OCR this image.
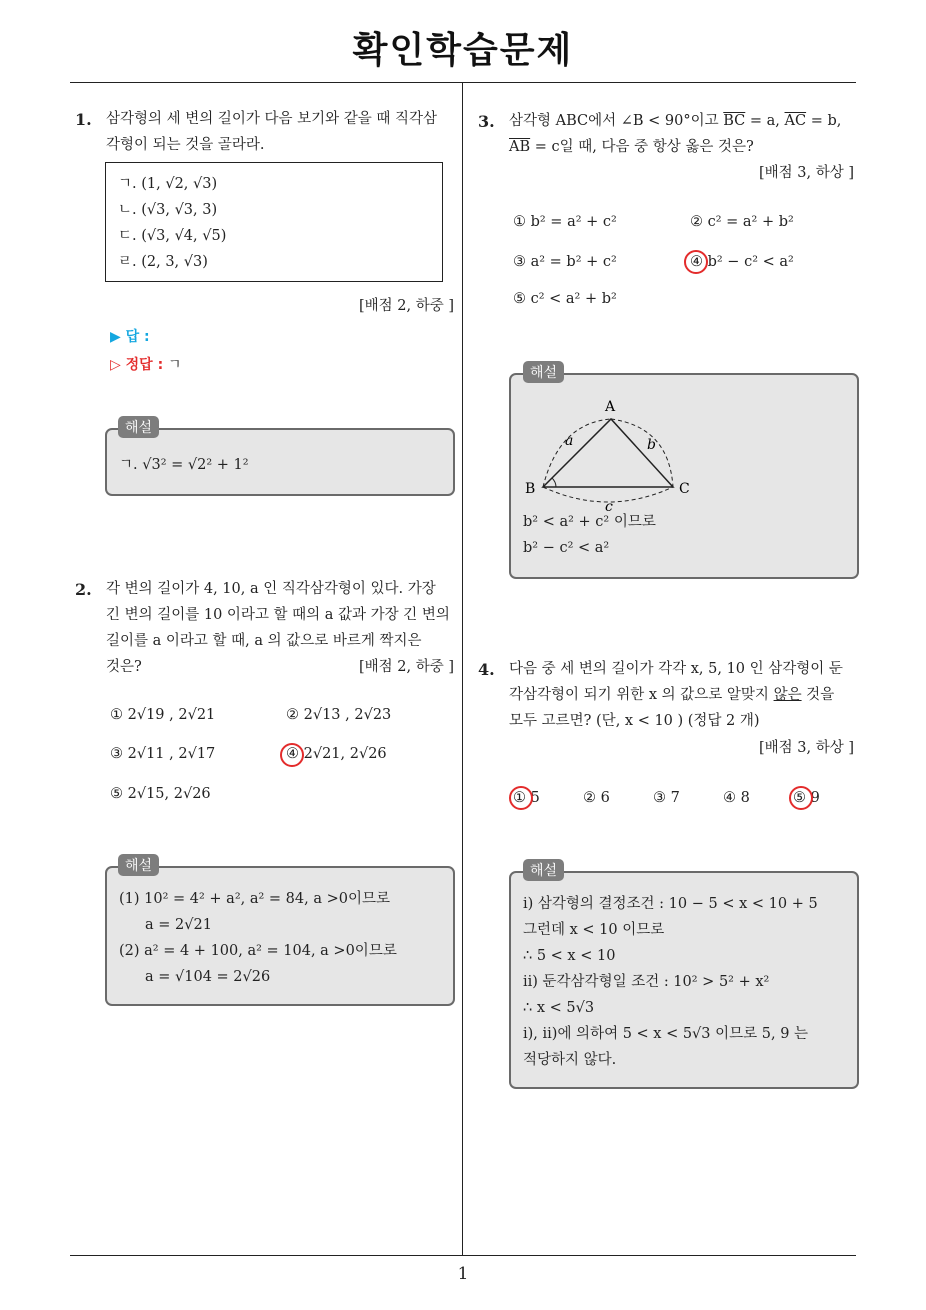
확인학습문제
1. 삼각형의 세 변의 길이가 다음 보기와 같을 때 직각삼
각형이 되는 것을 골라라.
ㄱ. (1, √2, √3)
ㄴ. (√3, √3, 3)
ㄷ. (√3, √4, √5)
ㄹ. (2, 3, √3)
[배점 2, 하중 ]
▶ 답 :
▷ 정답 : ㄱ
ㄱ. √3² = √2² + 1²
해설
2. 각 변의 길이가 4, 10, a 인 직각삼각형이 있다. 가장
긴 변의 길이를 10 이라고 할 때의 a 값과 가장 긴 변의
길이를 a 이라고 할 때, a 의 값으로 바르게 짝지은
것은?	[배점 2, 하중 ]
① 2√19 , 2√21	② 2√13 , 2√23
③ 2√11 , 2√17	④ 2√21, 2√26
⑤ 2√15, 2√26
(1) 10² = 4² + a², a² = 84, a >0이므로
a = 2√21
(2) a² = 4 + 100, a² = 104, a >0이므로
a = √104 = 2√26
해설
3. 삼각형 ABC에서 ∠B < 90°이고 $\overline{BC} = a$, $\overline{AC} = b$,
$\overline{AB} = c$일 때, 다음 중 항상 옳은 것은?
[배점 3, 하상 ]
① b² = a² + c²	② c² = a² + b²
③ a² = b² + c²	④ b² − c² < a²
⑤ c² < a² + b²
A
B	C
a	b
c
b² < a² + c² 이므로
b² − c² < a²
해설
4. 다음 중 세 변의 길이가 각각 x, 5, 10 인 삼각형이 둔
각삼각형이 되기 위한 x 의 값으로 알맞지 않은 것을
모두 고르면? (단, x < 10 ) (정답 2 개)
[배점 3, 하상 ]
① 5	② 6	③ 7	④ 8	⑤ 9
ⅰ) 삼각형의 결정조건 : 10 − 5 < x < 10 + 5
그런데 x < 10 이므로
∴ 5 < x < 10
ⅱ) 둔각삼각형일 조건 : 10² > 5² + x²
∴ x < 5√3
ⅰ), ⅱ)에 의하여 5 < x < 5√3 이므로 5, 9 는
적당하지 않다.
해설
1
